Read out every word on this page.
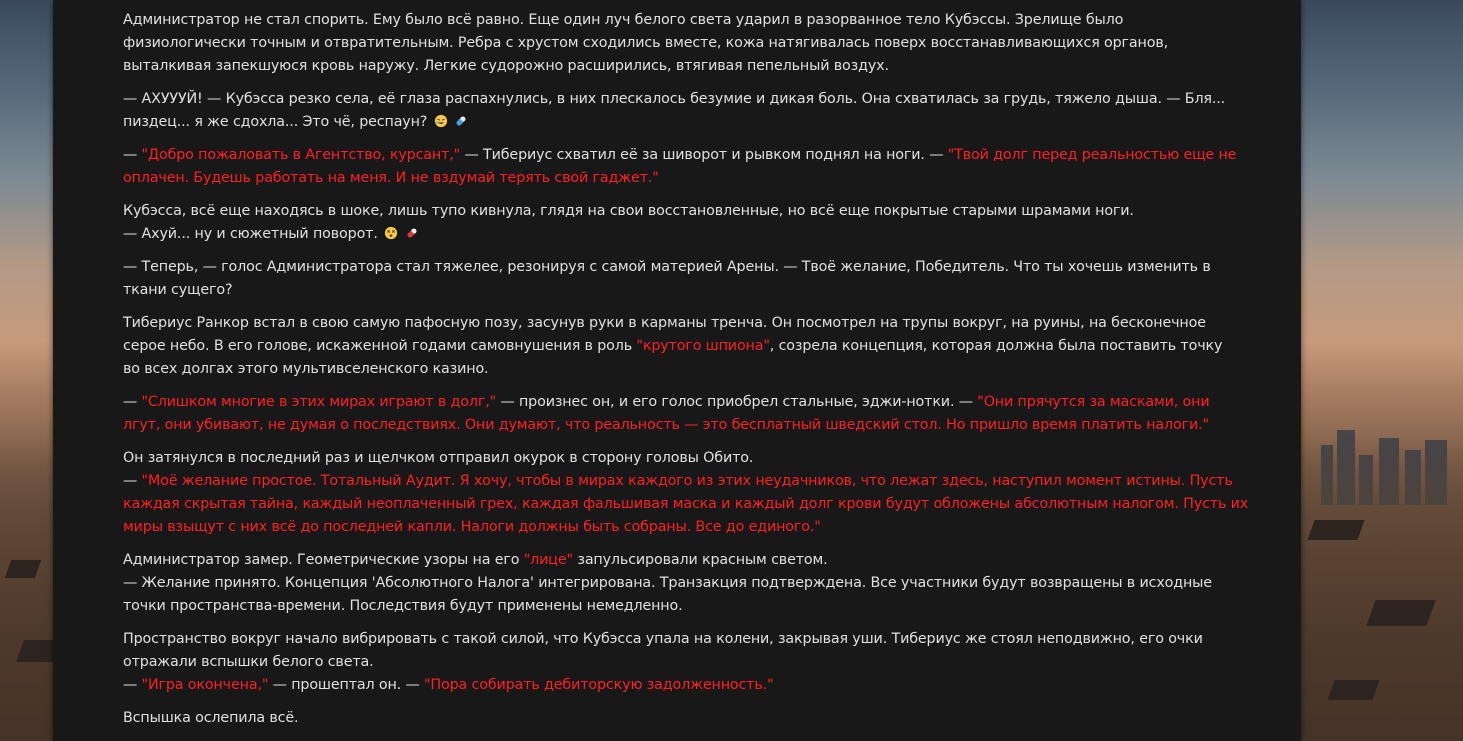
Администратор не стал спорить. Ему было всё равно. Еще один луч белого света ударил в разорванное тело Кубэссы. Зрелище было
физиологически точным и отвратительным. Ребра с хрустом сходились вместе, кожа натягивалась поверх восстанавливающихся органов,
выталкивая запекшуюся кровь наружу. Легкие судорожно расширились, втягивая пепельный воздух.
— АХУУУЙ! — Кубэсса резко села, её глаза распахнулись, в них плескалось безумие и дикая боль. Она схватилась за грудь, тяжело дыша. — Бля...
пиздец... я же сдохла... Это чё, респаун?
— "Добро пожаловать в Агентство, курсант," — Тибериус схватил её за шиворот и рывком поднял на ноги. — "Твой долг перед реальностью еще не
оплачен. Будешь работать на меня. И не вздумай терять свой гаджет."
Кубэсса, всё еще находясь в шоке, лишь тупо кивнула, глядя на свои восстановленные, но всё еще покрытые старыми шрамами ноги.
— Ахуй... ну и сюжетный поворот.
— Теперь, — голос Администратора стал тяжелее, резонируя с самой материей Арены. — Твоё желание, Победитель. Что ты хочешь изменить в
ткани сущего?
Тибериус Ранкор встал в свою самую пафосную позу, засунув руки в карманы тренча. Он посмотрел на трупы вокруг, на руины, на бесконечное
серое небо. В его голове, искаженной годами самовнушения в роль "крутого шпиона", созрела концепция, которая должна была поставить точку
во всех долгах этого мультивселенского казино.
— "Слишком многие в этих мирах играют в долг," — произнес он, и его голос приобрел стальные, эджи-нотки. — "Они прячутся за масками, они
лгут, они убивают, не думая о последствиях. Они думают, что реальность — это бесплатный шведский стол. Но пришло время платить налоги."
Он затянулся в последний раз и щелчком отправил окурок в сторону головы Обито.
— "Моё желание простое. Тотальный Аудит. Я хочу, чтобы в мирах каждого из этих неудачников, что лежат здесь, наступил момент истины. Пусть
каждая скрытая тайна, каждый неоплаченный грех, каждая фальшивая маска и каждый долг крови будут обложены абсолютным налогом. Пусть их
миры взыщут с них всё до последней капли. Налоги должны быть собраны. Все до единого."
Администратор замер. Геометрические узоры на его "лице" запульсировали красным светом.
— Желание принято. Концепция 'Абсолютного Налога' интегрирована. Транзакция подтверждена. Все участники будут возвращены в исходные
точки пространства-времени. Последствия будут применены немедленно.
Пространство вокруг начало вибрировать с такой силой, что Кубэсса упала на колени, закрывая уши. Тибериус же стоял неподвижно, его очки
отражали вспышки белого света.
— "Игра окончена," — прошептал он. — "Пора собирать дебиторскую задолженность."
Вспышка ослепила всё.
